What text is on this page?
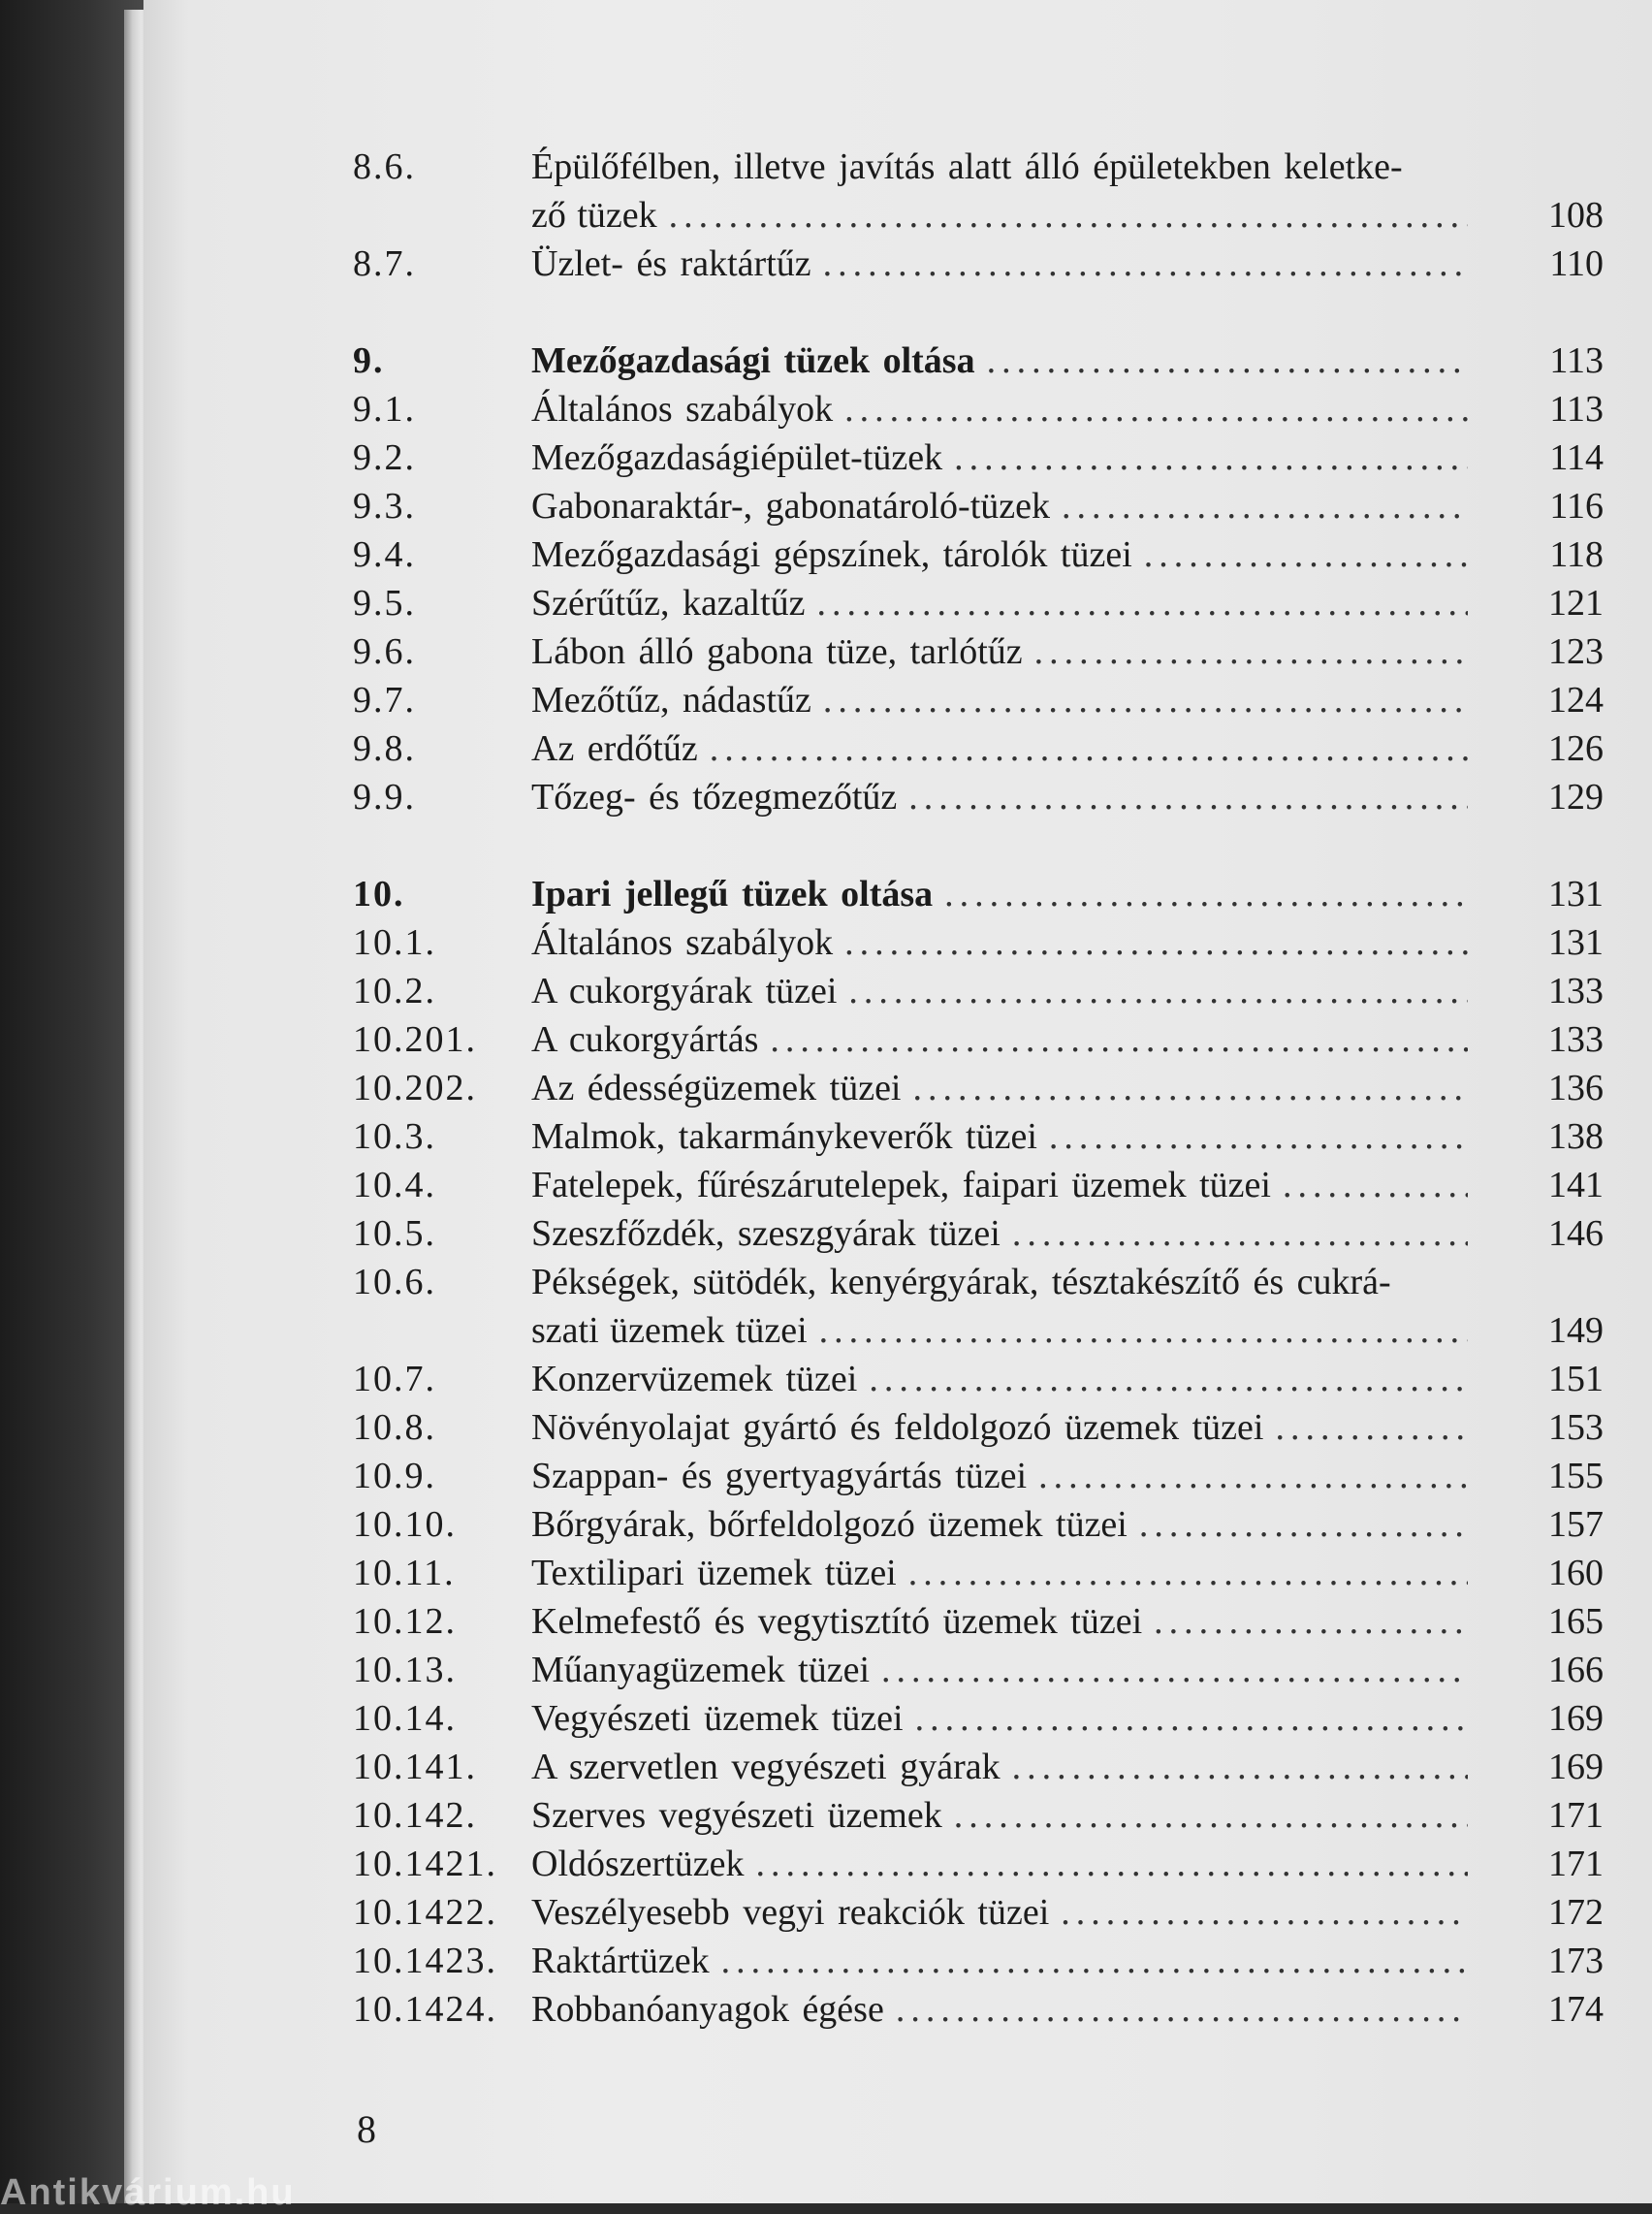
8.6.	Épülőfélben, illetve javítás alatt álló épületekben keletke-
ző tüzek .....	108
8.7.	Üzlet- és raktártűz .....	110
9.	Mezőgazdasági tüzek oltása .....	113
9.1.	Általános szabályok .....	113
9.2.	Mezőgazdaságiépület-tüzek .....	114
9.3.	Gabonaraktár-, gabonatároló-tüzek .....	116
9.4.	Mezőgazdasági gépszínek, tárolók tüzei .....	118
9.5.	Szérűtűz, kazaltűz .....	121
9.6.	Lábon álló gabona tüze, tarlótűz .....	123
9.7.	Mezőtűz, nádastűz .....	124
9.8.	Az erdőtűz .....	126
9.9.	Tőzeg- és tőzegmezőtűz .....	129
10.	Ipari jellegű tüzek oltása .....	131
10.1.	Általános szabályok .....	131
10.2.	A cukorgyárak tüzei .....	133
10.201. A cukorgyártás .....	133
10.202. Az édességüzemek tüzei .....	136
10.3.	Malmok, takarmánykeverők tüzei .....	138
10.4.	Fatelepek, fűrészárutelepek, faipari üzemek tüzei .....	141
10.5.	Szeszfőzdék, szeszgyárak tüzei .....	146
10.6.	Pékségek, sütödék, kenyérgyárak, tésztakészítő és cukrá-
szati üzemek tüzei .....	149
10.7.	Konzervüzemek tüzei .....	151
10.8.	Növényolajat gyártó és feldolgozó üzemek tüzei .....	153
10.9.	Szappan- és gyertyagyártás tüzei .....	155
10.10. Bőrgyárak, bőrfeldolgozó üzemek tüzei .....	157
10.11. Textilipari üzemek tüzei .....	160
10.12. Kelmefestő és vegytisztító üzemek tüzei .....	165
10.13. Műanyagüzemek tüzei .....	166
10.14. Vegyészeti üzemek tüzei .....	169
10.141. A szervetlen vegyészeti gyárak .....	169
10.142. Szerves vegyészeti üzemek .....	171
10.1421. Oldószertüzek .....	171
10.1422. Veszélyesebb vegyi reakciók tüzei .....	172
10.1423. Raktártüzek .....	173
10.1424. Robbanóanyagok égése .....	174
8
Antikvárium.hu
